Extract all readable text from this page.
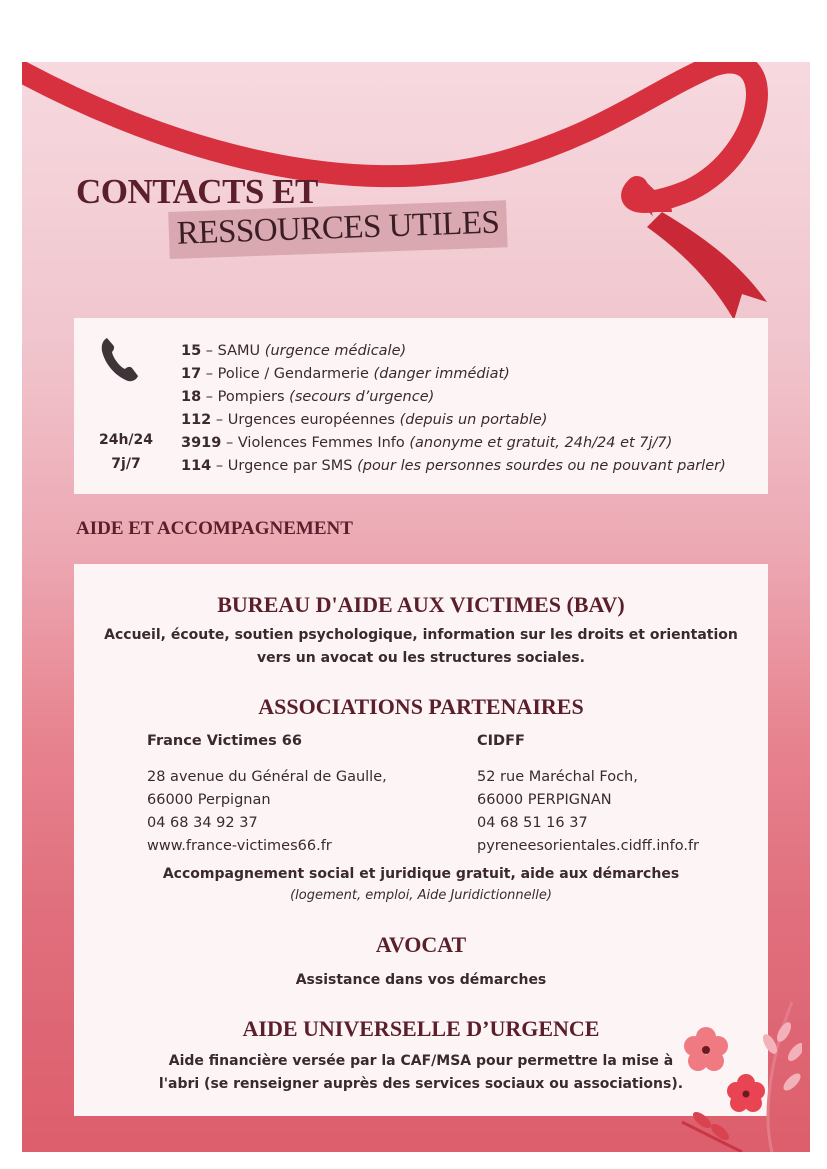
CONTACTS ET
RESSOURCES UTILES
24h/24
7j/7
15 – SAMU (urgence médicale)
17 – Police / Gendarmerie (danger immédiat)
18 – Pompiers (secours d’urgence)
112 – Urgences européennes (depuis un portable)
3919 – Violences Femmes Info (anonyme et gratuit, 24h/24 et 7j/7)
114 – Urgence par SMS (pour les personnes sourdes ou ne pouvant parler)
AIDE ET ACCOMPAGNEMENT
BUREAU D'AIDE AUX VICTIMES (BAV)
Accueil, écoute, soutien psychologique, information sur les droits et orientation
vers un avocat ou les structures sociales.
ASSOCIATIONS PARTENAIRES
France Victimes 66
28 avenue du Général de Gaulle,
66000 Perpignan
04 68 34 92 37
www.france-victimes66.fr
CIDFF
52 rue Maréchal Foch,
66000 PERPIGNAN
04 68 51 16 37
pyreneesorientales.cidff.info.fr
Accompagnement social et juridique gratuit, aide aux démarches
(logement, emploi, Aide Juridictionnelle)
AVOCAT
Assistance dans vos démarches
AIDE UNIVERSELLE D’URGENCE
Aide financière versée par la CAF/MSA pour permettre la mise à
l'abri (se renseigner auprès des services sociaux ou associations).
